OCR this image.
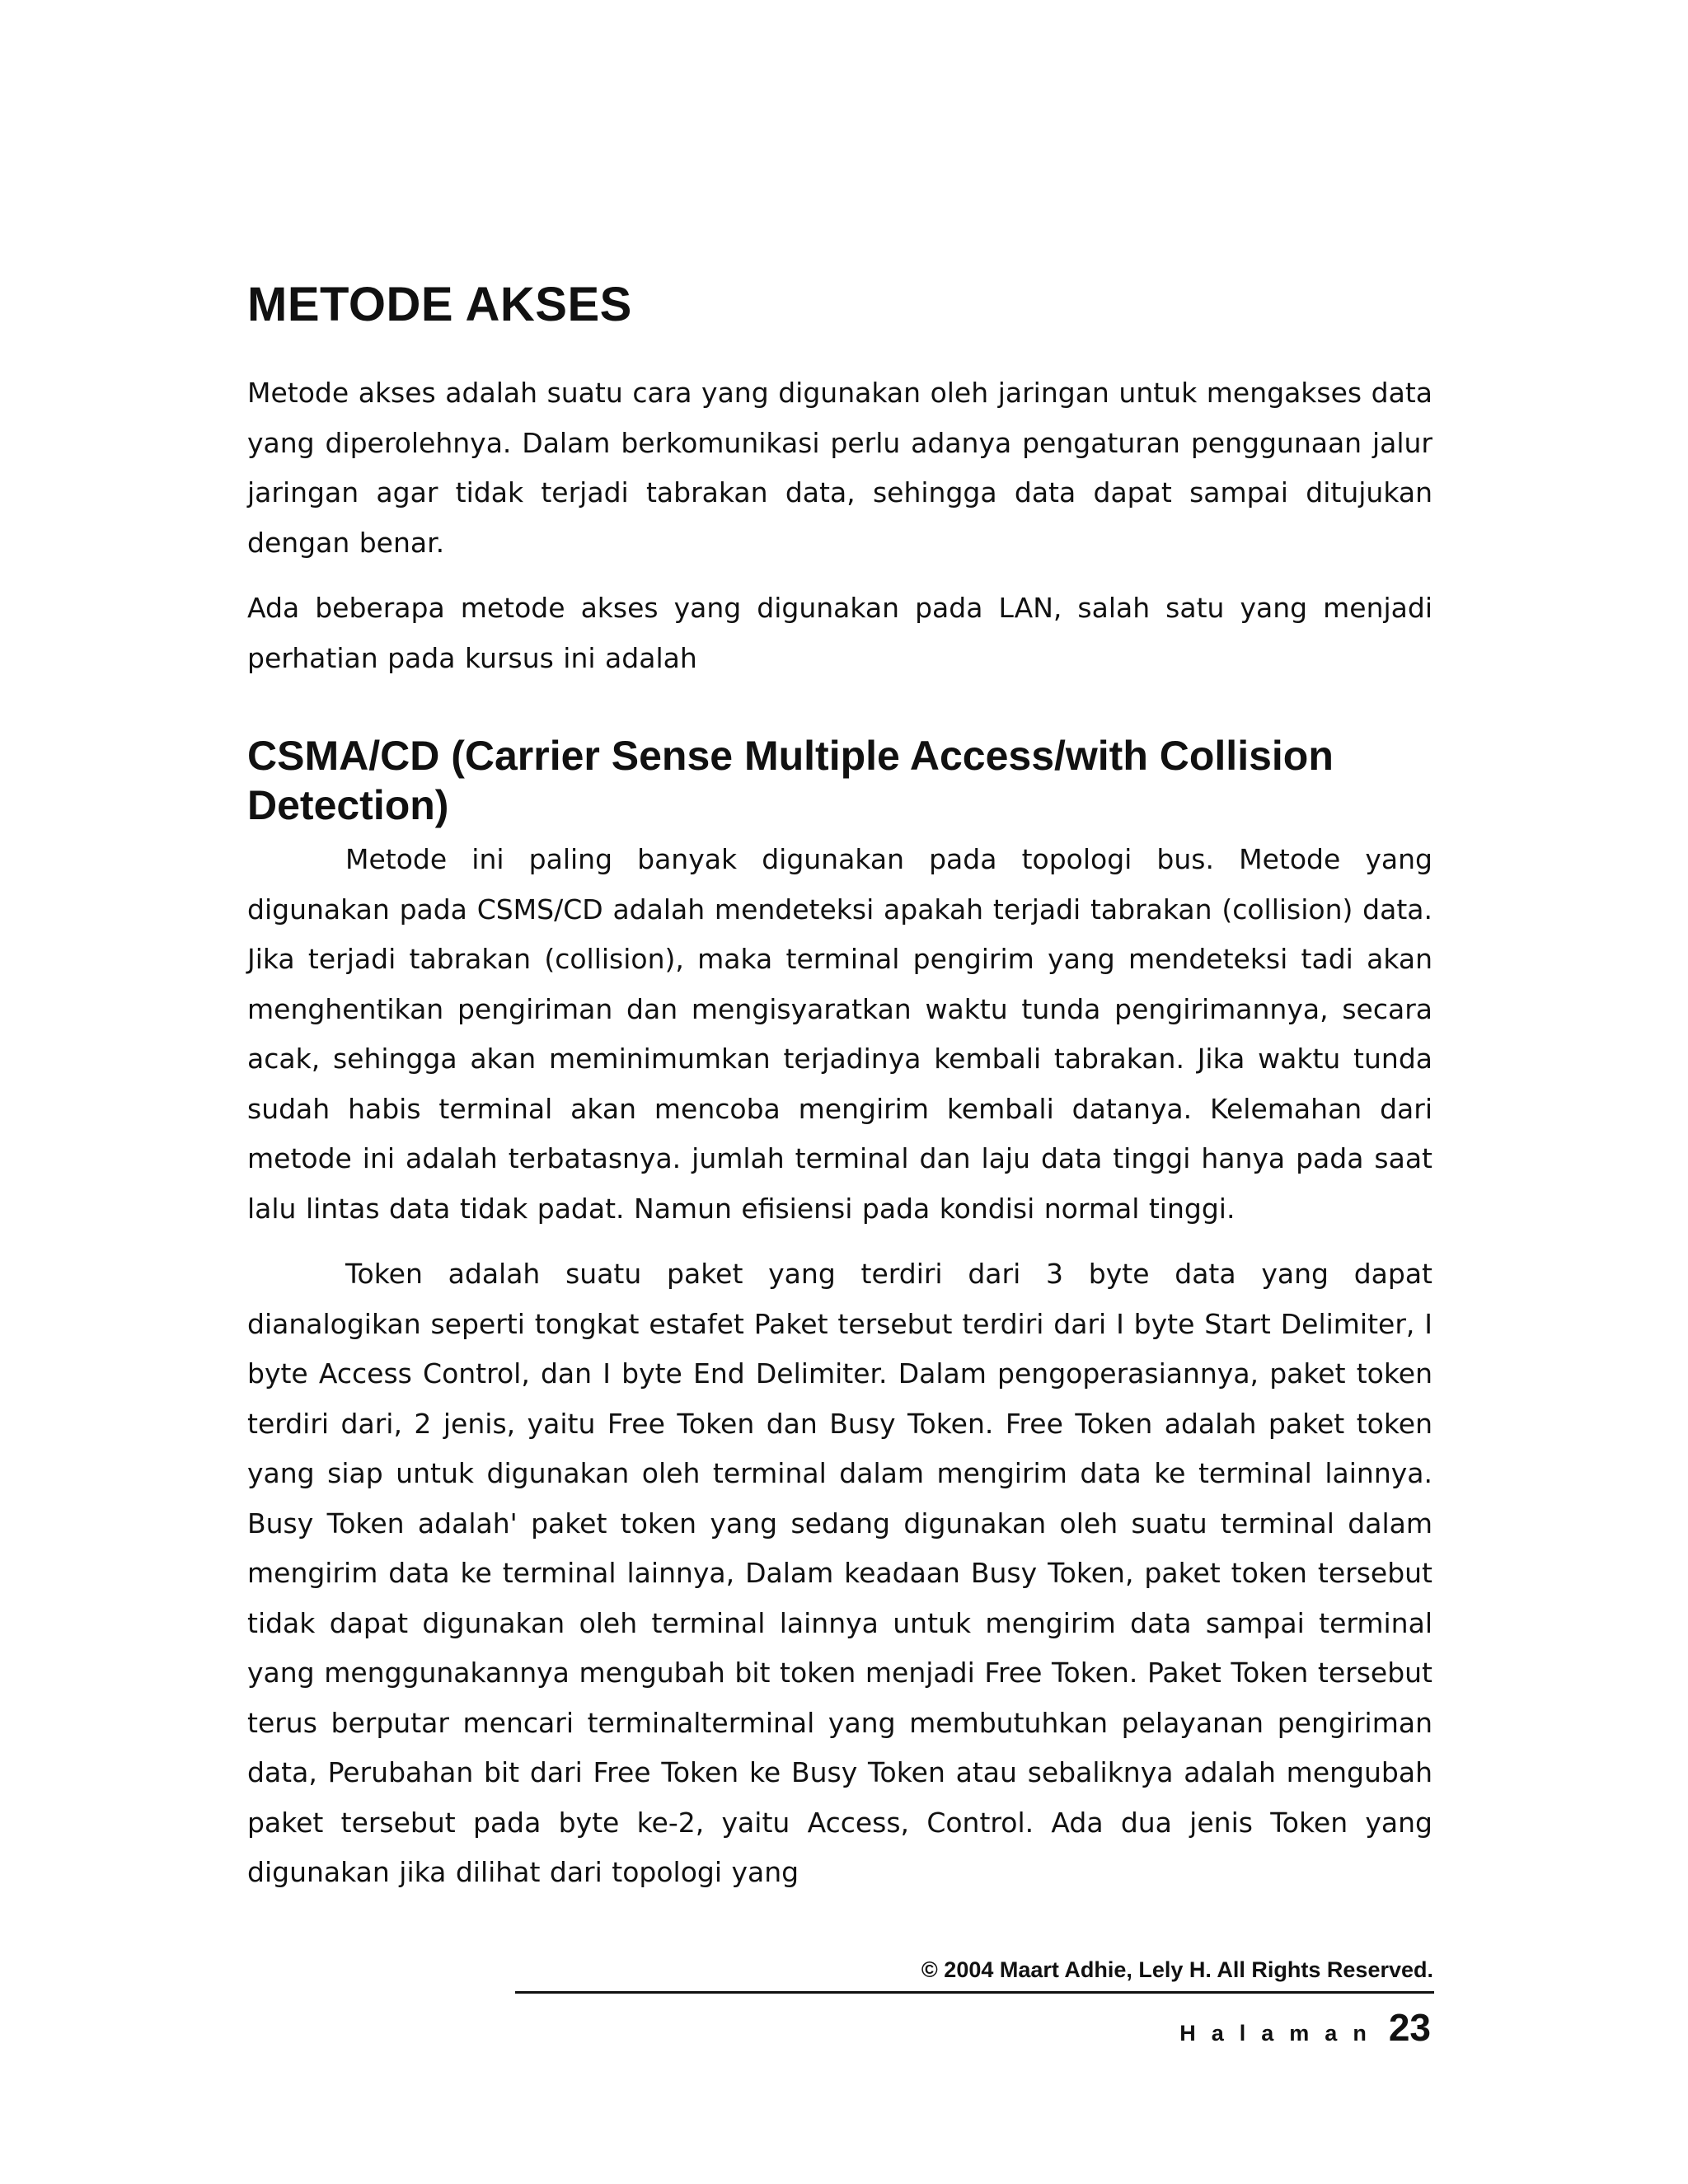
METODE AKSES

Metode akses adalah suatu cara yang digunakan oleh jaringan untuk mengakses data yang diperolehnya. Dalam berkomunikasi perlu adanya pengaturan penggunaan jalur jaringan agar tidak terjadi tabrakan data, sehingga data dapat sampai ditujukan dengan benar.

Ada beberapa metode akses yang digunakan pada LAN, salah satu yang menjadi perhatian pada kursus ini adalah

CSMA/CD (Carrier Sense Multiple Access/with Collision Detection)

Metode ini paling banyak digunakan pada topologi bus. Metode yang digunakan pada CSMS/CD adalah mendeteksi apakah terjadi tabrakan (collision) data. Jika terjadi tabrakan (collision), maka terminal pengirim yang mendeteksi tadi akan menghentikan pengiriman dan mengisyaratkan waktu tunda pengirimannya, secara acak, sehingga akan meminimumkan terjadinya kembali tabrakan. Jika waktu tunda sudah habis terminal akan mencoba mengirim kembali datanya. Kelemahan dari metode ini adalah terbatasnya. jumlah terminal dan laju data tinggi hanya pada saat lalu lintas data tidak padat. Namun efisiensi pada kondisi normal tinggi.

Token adalah suatu paket yang terdiri dari 3 byte data yang dapat dianalogikan seperti tongkat estafet Paket tersebut terdiri dari I byte Start Delimiter, I byte Access Control, dan I byte End Delimiter. Dalam pengoperasiannya, paket token terdiri dari, 2 jenis, yaitu Free Token dan Busy Token. Free Token adalah paket token yang siap untuk digunakan oleh terminal dalam mengirim data ke terminal lainnya. Busy Token adalah' paket token yang sedang digunakan oleh suatu terminal dalam mengirim data ke terminal lainnya, Dalam keadaan Busy Token, paket token tersebut tidak dapat digunakan oleh terminal lainnya untuk mengirim data sampai terminal yang menggunakannya mengubah bit token menjadi Free Token. Paket Token tersebut terus berputar mencari terminalterminal yang membutuhkan pelayanan pengiriman data, Perubahan bit dari Free Token ke Busy Token atau sebaliknya adalah mengubah paket tersebut pada byte ke-2, yaitu Access, Control. Ada dua jenis Token yang digunakan jika dilihat dari topologi yang

© 2004 Maart Adhie, Lely H. All Rights Reserved.
Halaman 23
